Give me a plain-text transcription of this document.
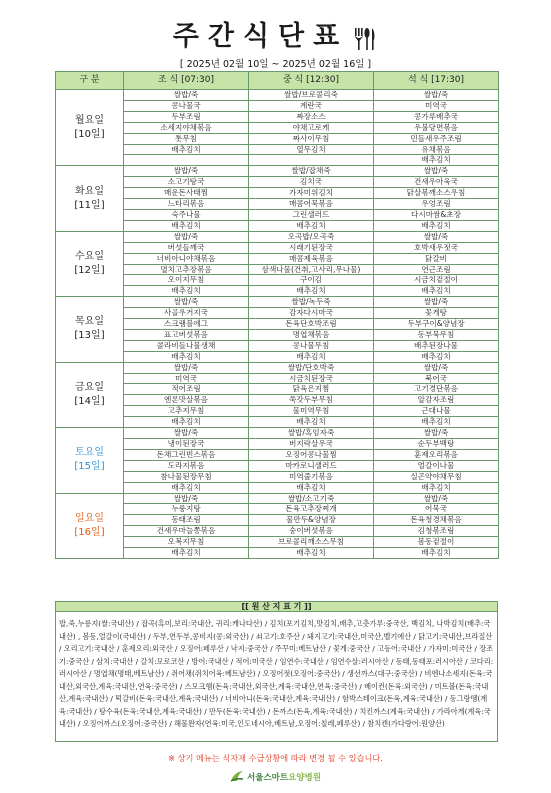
주간식단표
[ 2025년 02월 10일 ~ 2025년 02월 16일 ]
구 분	조 식 [07:30]	중 식 [12:30]	석 식 [17:30]

월요일
[10일]	쌀밥/죽	쌀밥/브로콜리죽	쌀밥/죽
	콩나물국	계란국	미역국
	두부조림	짜장소스	콩가루배추국
	소세지야채볶음	야채고로케	우불당면볶음
	톳무침	짜사이무침	민들새우주조림
	배추김치	열무김치	유채볶음
			배추김치

화요일
[11일]	쌀밥/죽	쌀밥/잡채죽	쌀밥/죽
	소고기탕국	김치국	건새우아욱국
	매운돈사태찜	가자미위김치	닭살볶깨소스우침
	느타리볶음	매콤어묵볶음	우엉조림
	숙주나물	그린샐러드	다시마쌈&초장
	배추김치	배추김치	배추김치

수요일
[12일]	쌀밥/죽	오곡밥/오곡죽	쌀밥/죽
	버섯들깨국	시래기된장국	호박새우젓국
	너비아니야채볶음	매콤제육볶음	닭갈비
	멸치고추장볶음	삼색나물(건취,고사리,무나물)	연근조림
	오이지무침	구이김	시금치겉절이
	배추김치	배추김치	배추김치

목요일
[13일]	쌀밥/죽	쌀밥/녹두죽	쌀밥/죽
	사골우거지국	감자다시마국	꽃게탕
	스크램블에그	돈육단호박조림	두부구이&양념장
	표고버섯볶음	명엽채볶음	동부묵무침
	콜라비들나물생채	콩나물무침	배추된장나물
	배추김치	배추김치	배추김치

금요일
[14일]	쌀밥/죽	쌀밥/단호박죽	쌀밥/죽
	미역국	시금치된장국	북어국
	적어조림	닭육은지찜	고기경단볶음
	엔론맛살볶음	쑥갓두부무침	알감자조림
	고추지무침	물미역무침	근대나물
	배추김치	배추김치	배추김치

토요일
[15일]	쌀밥/죽	쌀밥/흑임자죽	쌀밥/죽
	냉이된장국	버지락살우국	순두부백탕
	돈채그린빈스볶음	오징어콩나물찜	훈제오리볶음
	도라지볶음	마카로니샐러드	얼갈이나물
	참나물된장무침	미역줄기볶음	실곤약야채무침
	배추김치	배추김치	배추김치

일요일
[16일]	쌀밥/죽	쌀밥/소고기죽	쌀밥/죽
	누룽지탕	돈육고추장찌개	어묵국
	동태조림	물만두&양념장	돈육청경채볶음
	건새우마늘쫑볶음	숭이버섯볶음	김청볶조림
	오복지무침	브로콜리깨소스무침	봄동겉절이
	배추김치	배추김치	배추김치
[[ 원 산 지 표 기 ]]
밥,죽,누룽지(쌀:국내산) / 잡곡(흑미,보리:국내산, 귀리:캐나다산) / 김치(포기김치,맛김치,배추,고춧가루:중국산, 백김치, 나박김치(배추:국내산) , 봄동,얼갈이(국내산) / 두부,연두부,콩비지(콩:외국산) / 쇠고기:호주산 / 돼지고기:국내산,미국산,벨기에산 / 닭고기:국내산,브라질산 / 오리고기:국내산 / 훈제오리:외국산 / 오징어:페루산 / 낙지:중국산 / 주꾸미:베트남산 / 꽃게:중국산 / 고등어:국내산 / 가자미:미국산 / 장조기:중국산 / 삼치:국내산 / 갈치:모로코산 / 방어:국내산 / 적어:미국산 / 임연수:국내산 / 임연수살:러시아산 / 동태,동태포:러시아산 / 코다리:러시아산 / 명엽채(명태,베트남산) / 쥐어채(쥐치어육:베트남산) / 오징어젓(오징어:중국산) / 생선까스(대구:중국산) / 비엔나소세지(돈육:국내산,외국산,계육:국내산,연육:중국산) / 스모크햄(돈육:국내산,외국산,계육:국내산,연육:중국산) / 베이컨(돈육:외국산) / 미트볼(돈육:국내산,계육:국내산) / 떡갈비(돈육:국내산,계육:국내산) / 너비아니(돈육:국내산,계육:국내산) / 함박스테이크(돈육,계육:국내산) / 동그랑땡(계육:국내산) / 탕수육(돈육:국내산,계육:국내산) / 만두(돈육:국내산) / 돈까스(돈육,계육:국내산) / 치킨까스(계육:국내산) / 가라아게(계육:국내산) / 오징어까스(오징어:중국산) / 해물완자(연육:미국,인도네시아,베트남,오징어:칠레,페루산) / 참치캔(가다랑어:원양산)
※ 상기 메뉴는 식자재 수급상황에 따라 변경 될 수 있습니다.
서울스마트요양병원
